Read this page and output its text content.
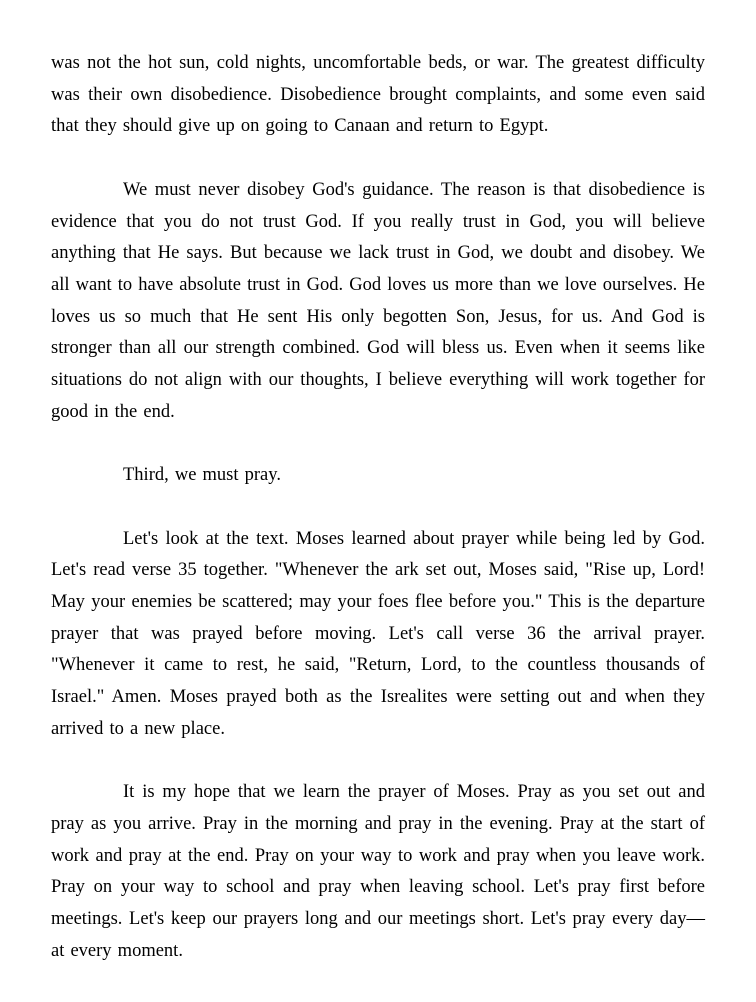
was not the hot sun, cold nights, uncomfortable beds, or war. The greatest difficulty was their own disobedience. Disobedience brought complaints, and some even said that they should give up on going to Canaan and return to Egypt.

We must never disobey God's guidance. The reason is that disobedience is evidence that you do not trust God. If you really trust in God, you will believe anything that He says. But because we lack trust in God, we doubt and disobey. We all want to have absolute trust in God. God loves us more than we love ourselves. He loves us so much that He sent His only begotten Son, Jesus, for us. And God is stronger than all our strength combined. God will bless us. Even when it seems like situations do not align with our thoughts, I believe everything will work together for good in the end.

Third, we must pray.

Let's look at the text. Moses learned about prayer while being led by God. Let's read verse 35 together. "Whenever the ark set out, Moses said, "Rise up, Lord! May your enemies be scattered; may your foes flee before you." This is the departure prayer that was prayed before moving. Let's call verse 36 the arrival prayer. "Whenever it came to rest, he said, "Return, Lord, to the countless thousands of Israel." Amen. Moses prayed both as the Isrealites were setting out and when they arrived to a new place.

It is my hope that we learn the prayer of Moses. Pray as you set out and pray as you arrive. Pray in the morning and pray in the evening. Pray at the start of work and pray at the end. Pray on your way to work and pray when you leave work. Pray on your way to school and pray when leaving school. Let's pray first before meetings. Let's keep our prayers long and our meetings short. Let's pray every day—at every moment.
